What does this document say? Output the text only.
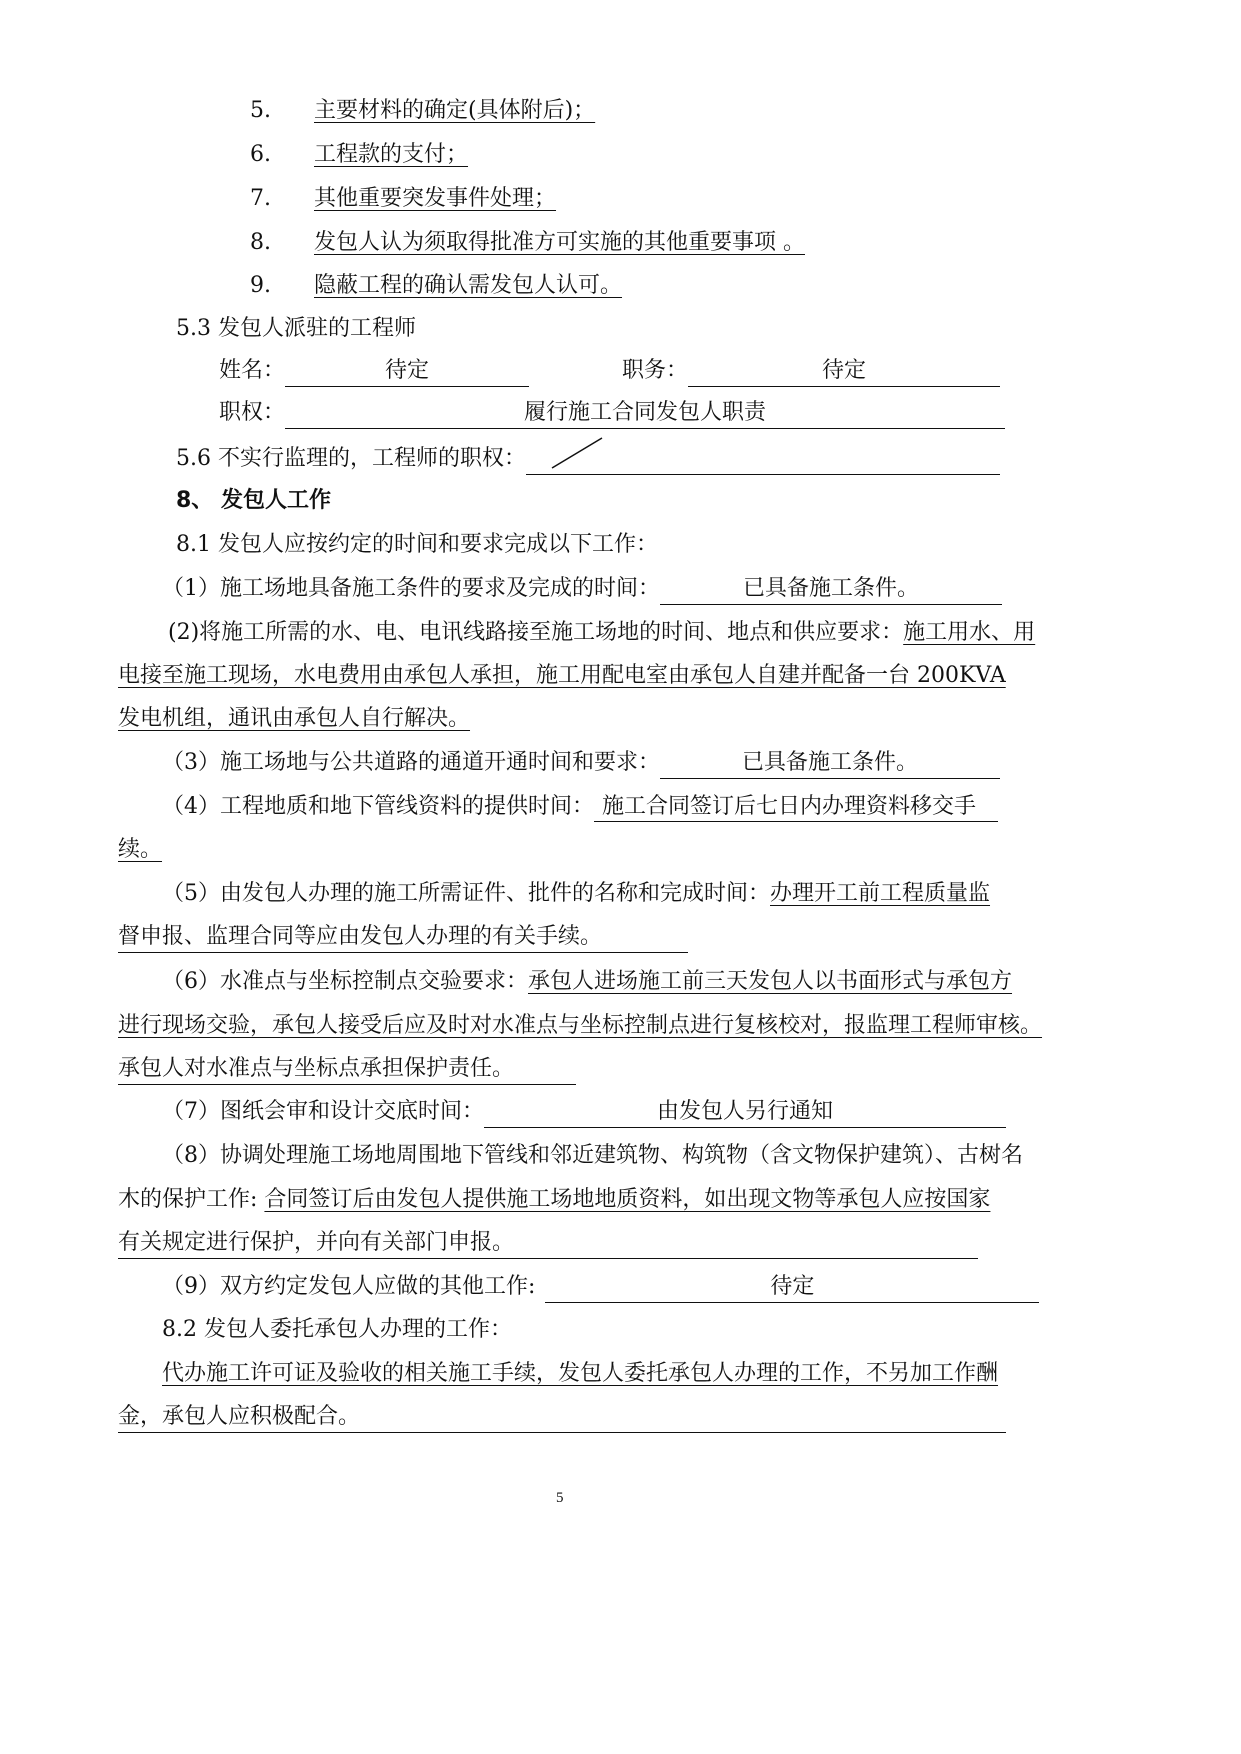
5. 主要材料的确定(具体附后)；
6. 工程款的支付；
7. 其他重要突发事件处理；
8. 发包人认为须取得批准方可实施的其他重要事项 。
9. 隐蔽工程的确认需发包人认可。
5.3 发包人派驻的工程师
姓名：	待定	职务：	待定
职权：	履行施工合同发包人职责
5.6 不实行监理的，工程师的职权：
8、 发包人工作
8.1 发包人应按约定的时间和要求完成以下工作：
（1）施工场地具备施工条件的要求及完成的时间：	已具备施工条件。
(2)将施工所需的水、电、电讯线路接至施工场地的时间、地点和供应要求：施工用水、用
电接至施工现场，水电费用由承包人承担，施工用配电室由承包人自建并配备一台 200KVA
发电机组，通讯由承包人自行解决。
（3）施工场地与公共道路的通道开通时间和要求：	已具备施工条件。
（4）工程地质和地下管线资料的提供时间： 施工合同签订后七日内办理资料移交手
续。
（5）由发包人办理的施工所需证件、批件的名称和完成时间：办理开工前工程质量监
督申报、监理合同等应由发包人办理的有关手续。
（6）水准点与坐标控制点交验要求：承包人进场施工前三天发包人以书面形式与承包方
进行现场交验，承包人接受后应及时对水准点与坐标控制点进行复核校对，报监理工程师审核。
承包人对水准点与坐标点承担保护责任。
（7）图纸会审和设计交底时间：	由发包人另行通知
（8）协调处理施工场地周围地下管线和邻近建筑物、构筑物（含文物保护建筑）、古树名
木的保护工作: 合同签订后由发包人提供施工场地地质资料，如出现文物等承包人应按国家
有关规定进行保护，并向有关部门申报。
（9）双方约定发包人应做的其他工作:	待定
8.2 发包人委托承包人办理的工作：
代办施工许可证及验收的相关施工手续，发包人委托承包人办理的工作，不另加工作酬
金，承包人应积极配合。
5
